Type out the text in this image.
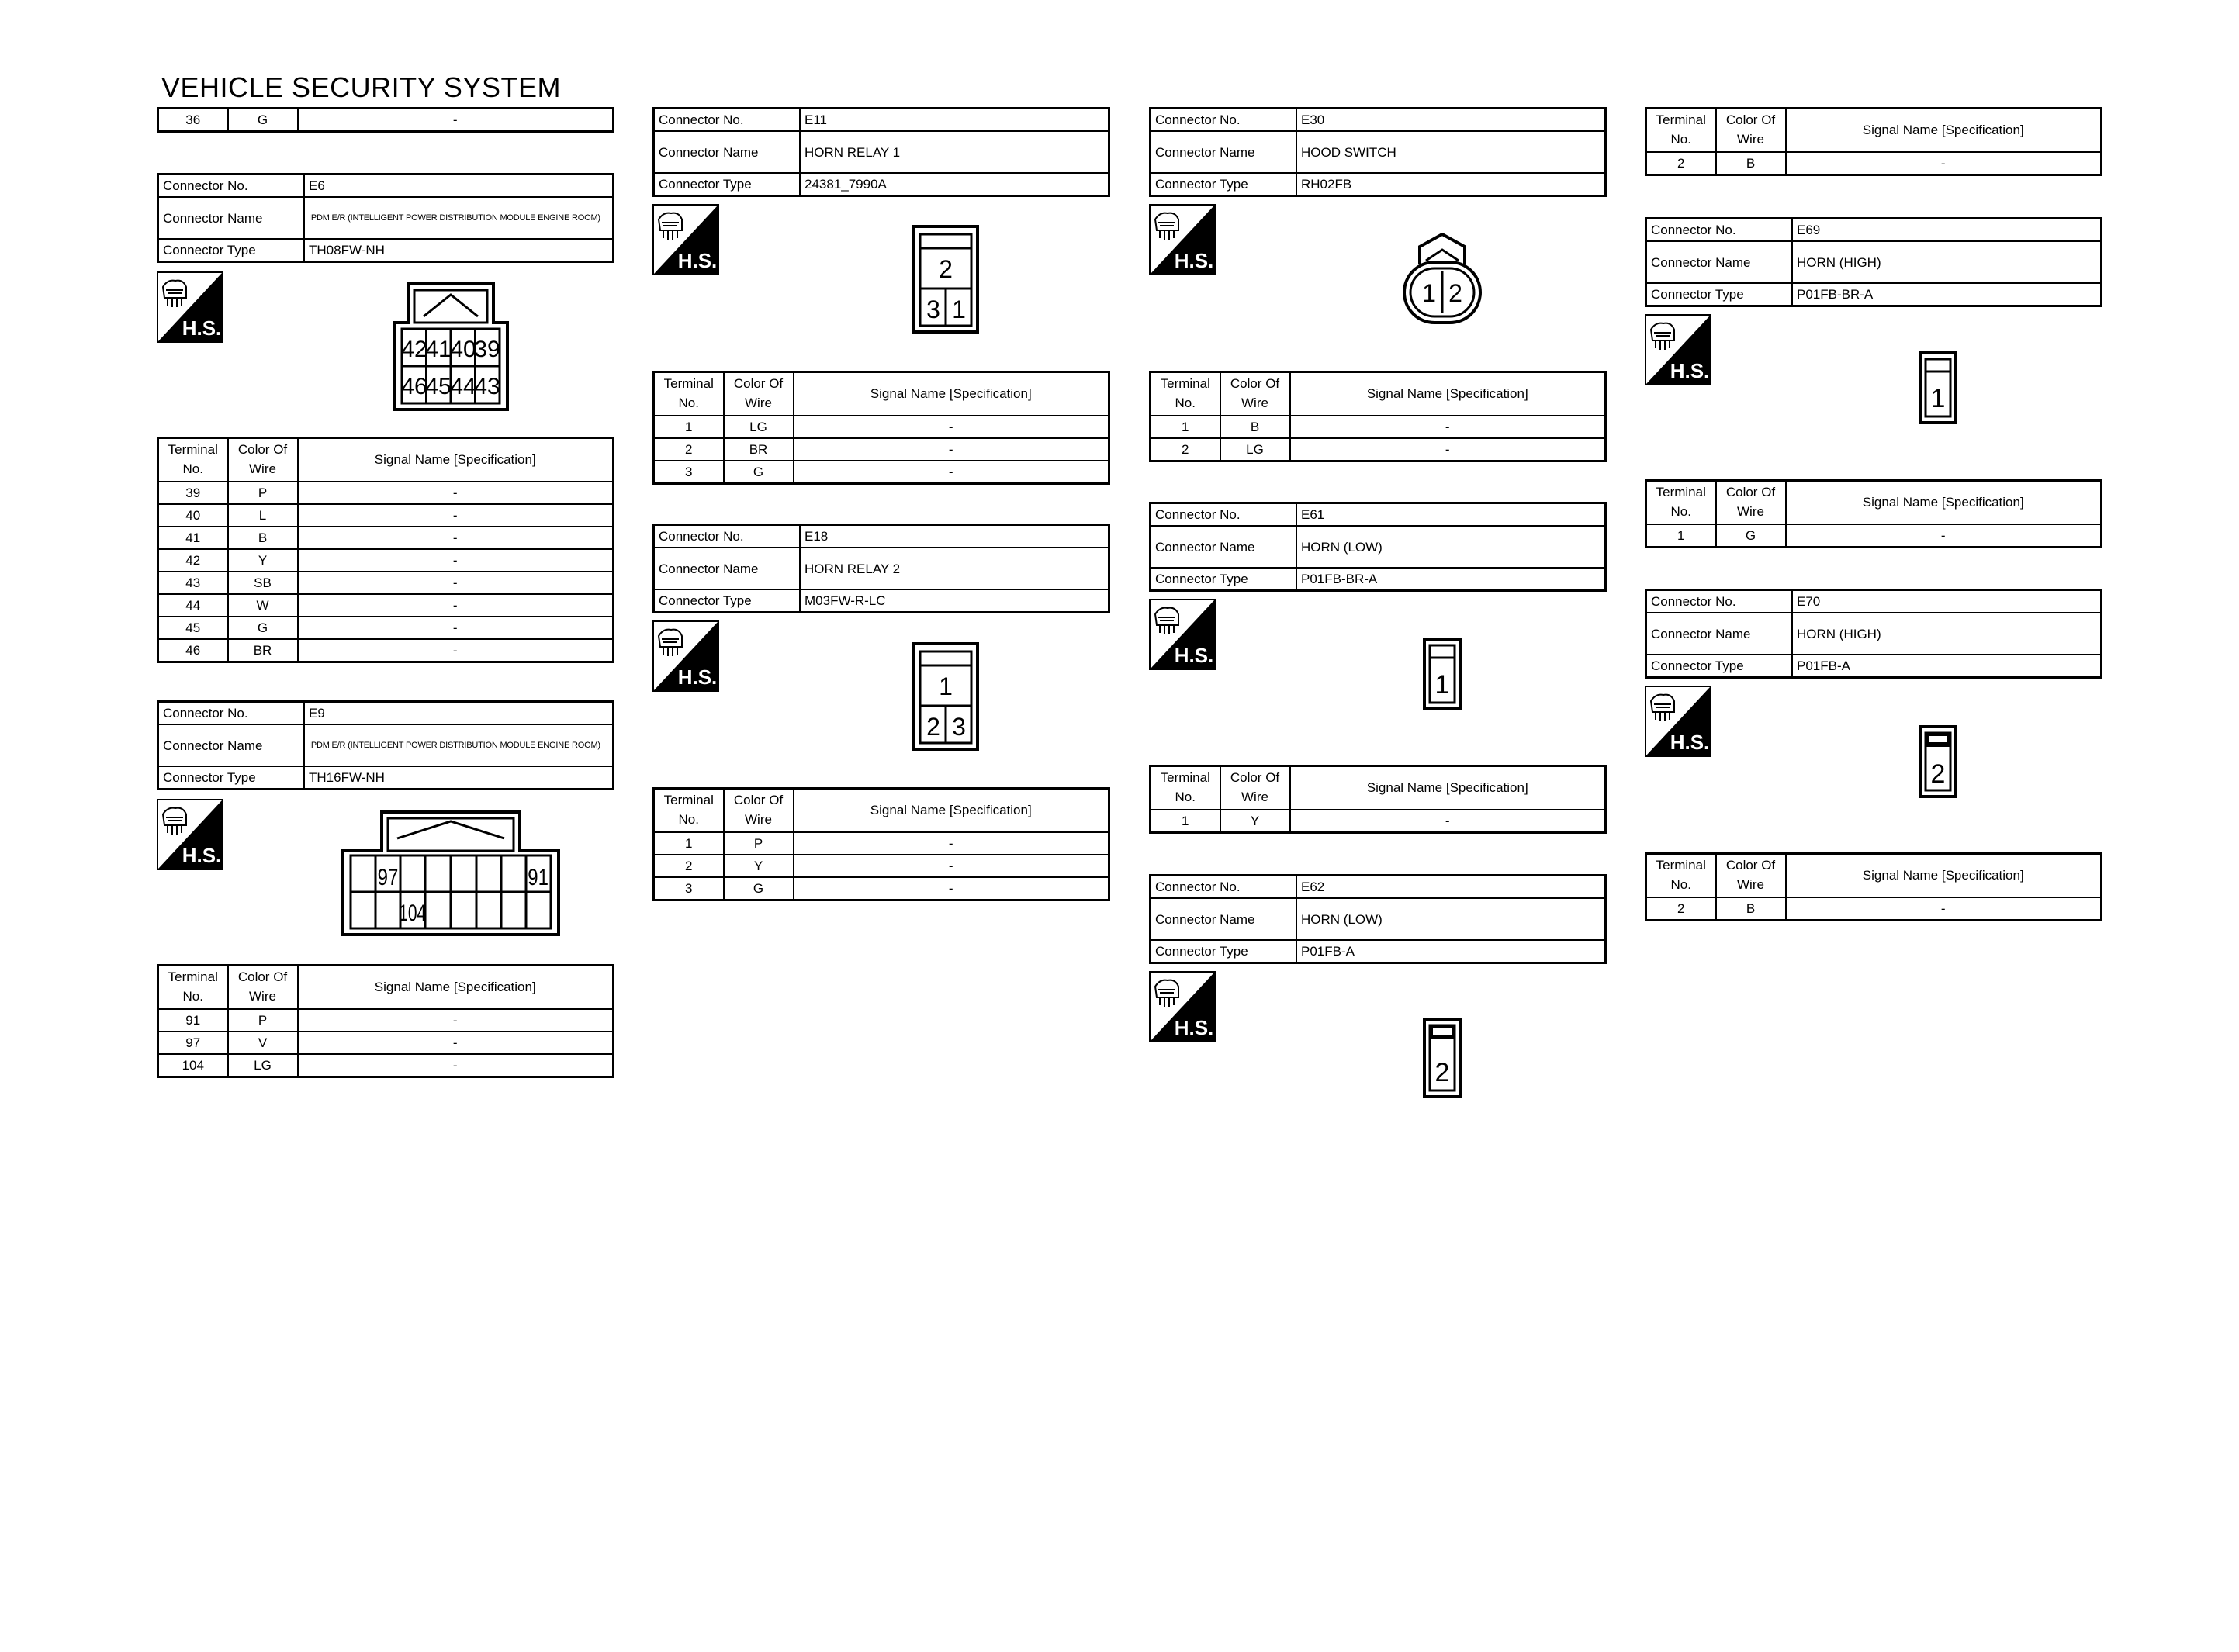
VEHICLE SECURITY SYSTEM
36	G	-
Connector No.	E6
Connector Name	IPDM E/R (INTELLIGENT POWER DISTRIBUTION MODULE ENGINE ROOM)
Connector Type	TH08FW-NH
H.S.
42
41
40
39
46
45
44
43
Terminal No.	Color Of Wire	Signal Name [Specification]
39	P	-
40	L	-
41	B	-
42	Y	-
43	SB	-
44	W	-
45	G	-
46	BR	-
Connector No.	E9
Connector Name	IPDM E/R (INTELLIGENT POWER DISTRIBUTION MODULE ENGINE ROOM)
Connector Type	TH16FW-NH
H.S.
97	91
104
Terminal No.	Color Of Wire	Signal Name [Specification]
91	P	-
97	V	-
104	LG	-
Connector No.	E11
Connector Name	HORN RELAY 1
Connector Type	24381_7990A
H.S.	2
3 1
Terminal No.	Color Of Wire	Signal Name [Specification]
1	LG	-
2	BR	-
3	G	-
Connector No.	E18
Connector Name	HORN RELAY 2
Connector Type	M03FW-R-LC
H.S.	1
2 3
Terminal No.	Color Of Wire	Signal Name [Specification]
1	P	-
2	Y	-
3	G	-
Connector No.	E30
Connector Name	HOOD SWITCH
Connector Type	RH02FB
H.S.
1 2
Terminal No.	Color Of Wire	Signal Name [Specification]
1	B	-
2	LG	-
Connector No.	E61
Connector Name	HORN (LOW)
Connector Type	P01FB-BR-A
H.S.
1
Terminal No.	Color Of Wire	Signal Name [Specification]
1	Y	-
Connector No.	E62
Connector Name	HORN (LOW)
Connector Type	P01FB-A
H.S.
2
Terminal No.	Color Of Wire	Signal Name [Specification]
2	B	-
Connector No.	E69
Connector Name	HORN (HIGH)
Connector Type	P01FB-BR-A
H.S.
1
Terminal No.	Color Of Wire	Signal Name [Specification]
1	G	-
Connector No.	E70
Connector Name	HORN (HIGH)
Connector Type	P01FB-A
H.S.
2
Terminal No.	Color Of Wire	Signal Name [Specification]
2	B	-
